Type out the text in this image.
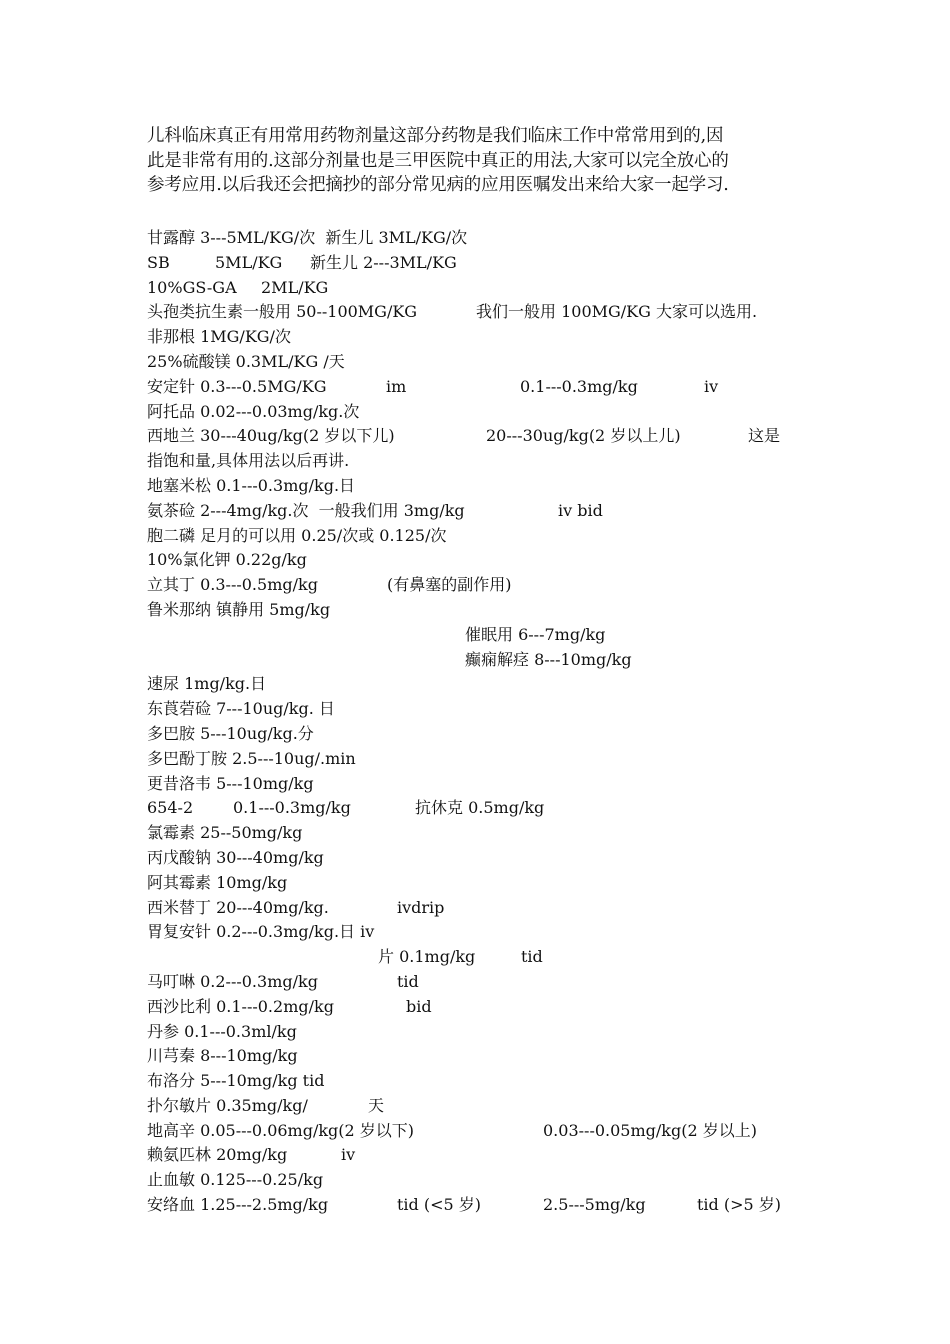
儿科临床真正有用常用药物剂量这部分药物是我们临床工作中常常用到的,因

此是非常有用的.这部分剂量也是三甲医院中真正的用法,大家可以完全放心的

参考应用.以后我还会把摘抄的部分常见病的应用医嘱发出来给大家一起学习.

甘露醇 3---5ML/KG/次  新生儿 3ML/KG/次
SB	5ML/KG 新生儿 2---3ML/KG
10%GS-GA 2ML/KG
头孢类抗生素一般用 50--100MG/KG	我们一般用 100MG/KG 大家可以选用.
非那根 1MG/KG/次
25%硫酸镁 0.3ML/KG /天
安定针 0.3---0.5MG/KG	im	0.1---0.3mg/kg	iv
阿托品 0.02---0.03mg/kg.次
西地兰 30---40ug/kg(2 岁以下儿)	20---30ug/kg(2 岁以上儿)	这是
指饱和量,具体用法以后再讲.
地塞米松 0.1---0.3mg/kg.日
氨茶硷 2---4mg/kg.次  一般我们用 3mg/kg	iv bid
胞二磷 足月的可以用 0.25/次或 0.125/次
10%氯化钾 0.22g/kg
立其丁 0.3---0.5mg/kg	(有鼻塞的副作用)
鲁米那纳 镇静用 5mg/kg
催眠用 6---7mg/kg
癫痫解痉 8---10mg/kg
速尿 1mg/kg.日
东莨菪硷 7---10ug/kg. 日
多巴胺 5---10ug/kg.分
多巴酚丁胺 2.5---10ug/.min
更昔洛韦 5---10mg/kg
654-2 0.1---0.3mg/kg	抗休克 0.5mg/kg
氯霉素 25--50mg/kg
丙戊酸钠 30---40mg/kg
阿其霉素 10mg/kg
西米替丁 20---40mg/kg.	ivdrip
胃复安针 0.2---0.3mg/kg.日 iv
片 0.1mg/kg	tid
马叮啉 0.2---0.3mg/kg	tid
西沙比利 0.1---0.2mg/kg	bid
丹参 0.1---0.3ml/kg
川芎秦 8---10mg/kg
布洛分 5---10mg/kg tid
扑尔敏片 0.35mg/kg/	天
地高辛 0.05---0.06mg/kg(2 岁以下)	0.03---0.05mg/kg(2 岁以上)
赖氨匹林 20mg/kg	iv
止血敏 0.125---0.25/kg
安络血 1.25---2.5mg/kg	tid (<5 岁)	2.5---5mg/kg	tid (>5 岁)
